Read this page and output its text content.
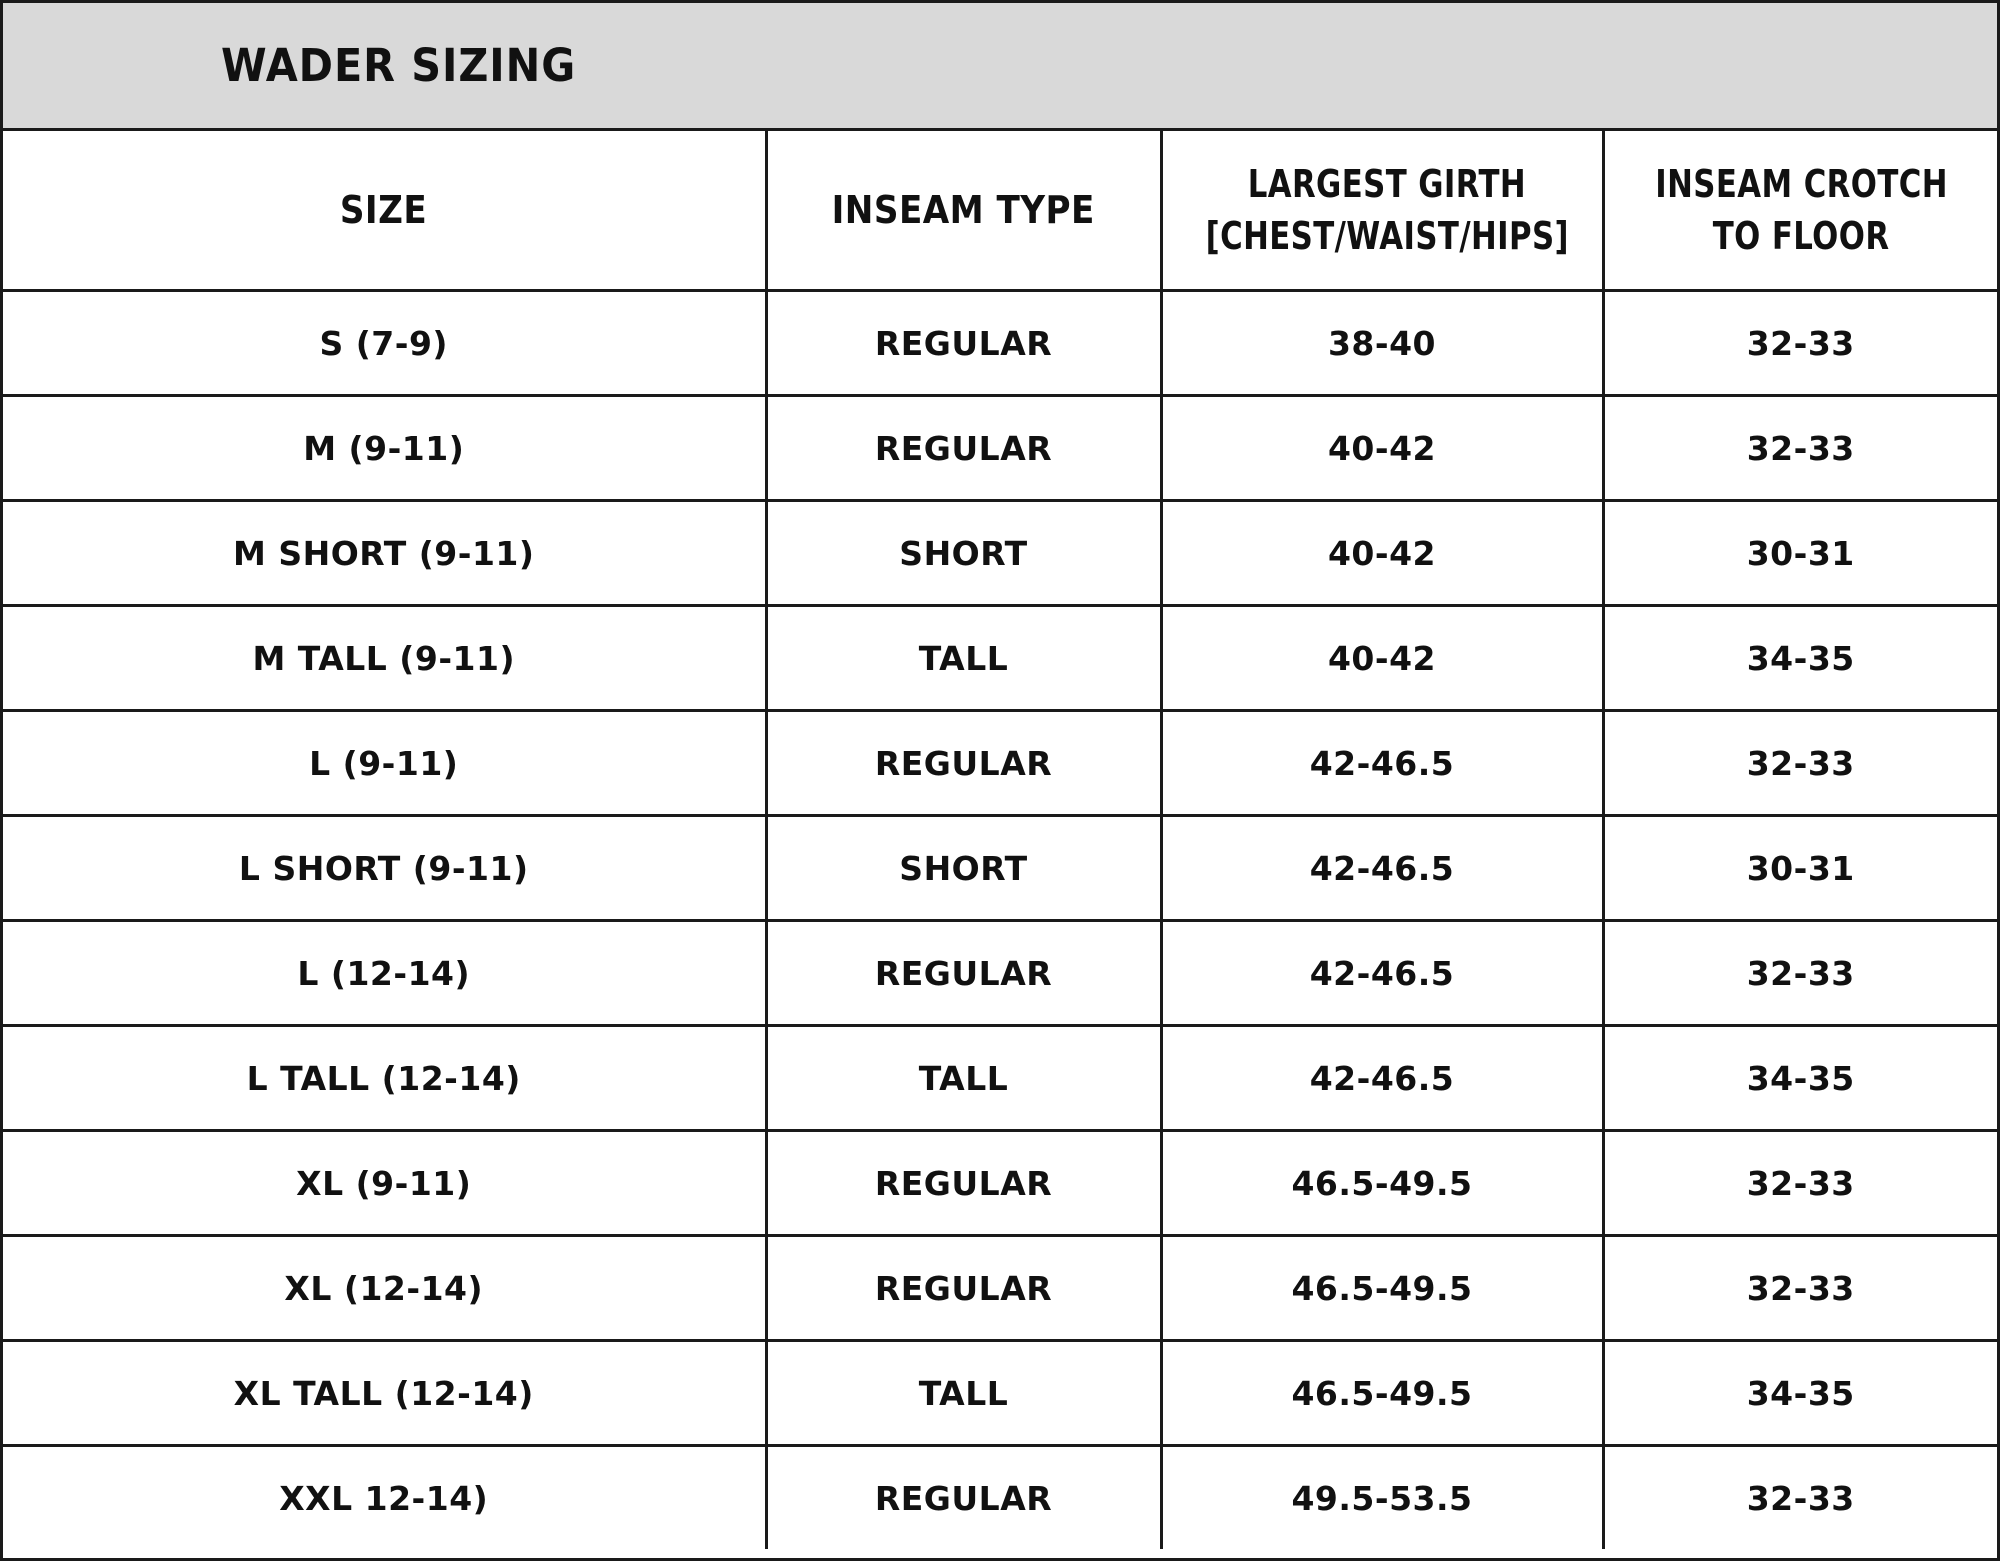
WADER SIZING
SIZE	INSEAM TYPE	LARGEST GIRTH [CHEST/WAIST/HIPS]	INSEAM CROTCH TO FLOOR
S (7-9)	REGULAR	38-40	32-33
M (9-11)	REGULAR	40-42	32-33
M SHORT (9-11)	SHORT	40-42	30-31
M TALL (9-11)	TALL	40-42	34-35
L (9-11)	REGULAR	42-46.5	32-33
L SHORT (9-11)	SHORT	42-46.5	30-31
L (12-14)	REGULAR	42-46.5	32-33
L TALL (12-14)	TALL	42-46.5	34-35
XL (9-11)	REGULAR	46.5-49.5	32-33
XL (12-14)	REGULAR	46.5-49.5	32-33
XL TALL (12-14)	TALL	46.5-49.5	34-35
XXL 12-14)	REGULAR	49.5-53.5	32-33
